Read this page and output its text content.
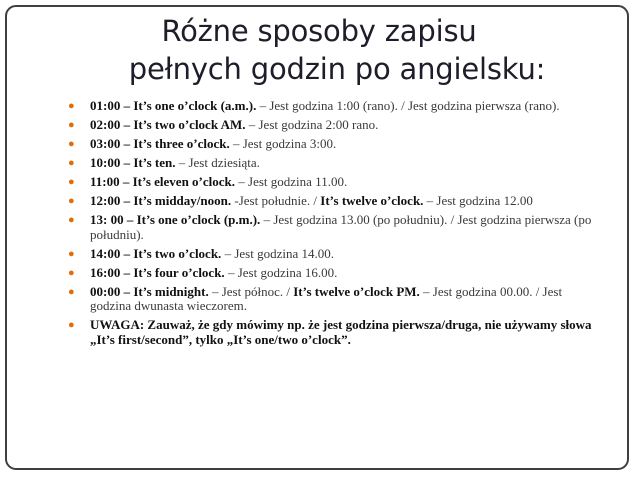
Różne sposoby zapisu
pełnych godzin po angielsku:
● 01:00 – It’s one o’clock (a.m.). – Jest godzina 1:00 (rano). / Jest godzina pierwsza (rano).
● 02:00 – It’s two o’clock AM. – Jest godzina 2:00 rano.
● 03:00 – It’s three o’clock. – Jest godzina 3:00.
● 10:00 – It’s ten. – Jest dziesiąta.
● 11:00 – It’s eleven o’clock. – Jest godzina 11.00.
● 12:00 – It’s midday/noon. -Jest południe. / It’s twelve o’clock. – Jest godzina 12.00
● 13: 00 – It’s one o’clock (p.m.). – Jest godzina 13.00 (po południu). / Jest godzina pierwsza (po południu).
● 14:00 – It’s two o’clock. – Jest godzina 14.00.
● 16:00 – It’s four o’clock. – Jest godzina 16.00.
● 00:00 – It’s midnight. – Jest północ. / It’s twelve o’clock PM. – Jest godzina 00.00. / Jest godzina dwunasta wieczorem.
● UWAGA: Zauważ, że gdy mówimy np. że jest godzina pierwsza/druga, nie używamy słowa „It’s first/second”, tylko „It’s one/two o’clock”.
